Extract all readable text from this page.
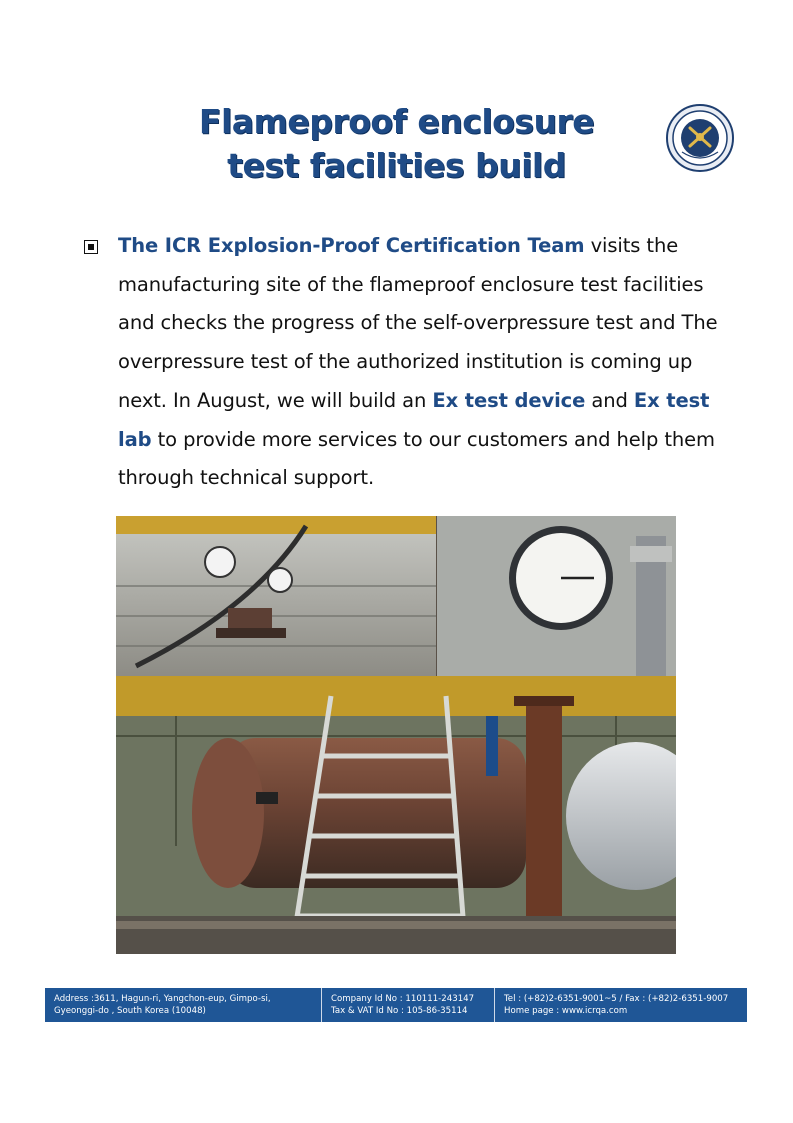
Flameproof enclosure
test facilities build
The ICR Explosion-Proof Certification Team visits the manufacturing site of the flameproof enclosure test facilities and checks the progress of the self-overpressure test and The overpressure test of the authorized institution is coming up next. In August, we will build an Ex test device and Ex test lab to provide more services to our customers and help them through technical support.
Address :3611, Hagun-ri, Yangchon-eup, Gimpo-si,
Gyeonggi-do , South Korea (10048)
Company Id No : 110111-243147
Tax & VAT Id No : 105-86-35114
Tel : (+82)2-6351-9001~5 / Fax : (+82)2-6351-9007
Home page : www.icrqa.com
